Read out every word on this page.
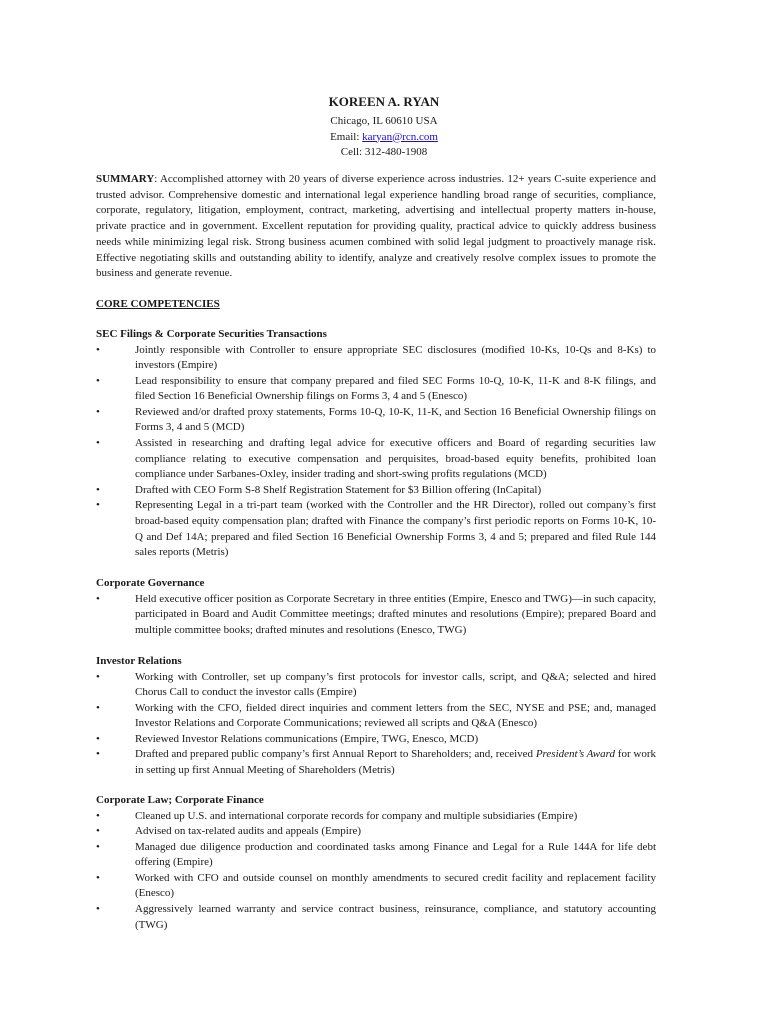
KOREEN A. RYAN
Chicago, IL 60610 USA
Email: karyan@rcn.com
Cell: 312-480-1908

SUMMARY: Accomplished attorney with 20 years of diverse experience across industries. 12+ years C-suite experience and trusted advisor. Comprehensive domestic and international legal experience handling broad range of securities, compliance, corporate, regulatory, litigation, employment, contract, marketing, advertising and intellectual property matters in-house, private practice and in government. Excellent reputation for providing quality, practical advice to quickly address business needs while minimizing legal risk. Strong business acumen combined with solid legal judgment to proactively manage risk. Effective negotiating skills and outstanding ability to identify, analyze and creatively resolve complex issues to promote the business and generate revenue.

CORE COMPETENCIES
SEC Filings & Corporate Securities Transactions
•	Jointly responsible with Controller to ensure appropriate SEC disclosures (modified 10-Ks, 10-Qs and 8-Ks) to investors (Empire)
•	Lead responsibility to ensure that company prepared and filed SEC Forms 10-Q, 10-K, 11-K and 8-K filings, and filed Section 16 Beneficial Ownership filings on Forms 3, 4 and 5 (Enesco)
•	Reviewed and/or drafted proxy statements, Forms 10-Q, 10-K, 11-K, and Section 16 Beneficial Ownership filings on Forms 3, 4 and 5 (MCD)
•	Assisted in researching and drafting legal advice for executive officers and Board of regarding securities law compliance relating to executive compensation and perquisites, broad-based equity benefits, prohibited loan compliance under Sarbanes-Oxley, insider trading and short-swing profits regulations (MCD)
•	Drafted with CEO Form S-8 Shelf Registration Statement for $3 Billion offering (InCapital)
•	Representing Legal in a tri-part team (worked with the Controller and the HR Director), rolled out company’s first broad-based equity compensation plan; drafted with Finance the company’s first periodic reports on Forms 10-K, 10-Q and Def 14A; prepared and filed Section 16 Beneficial Ownership Forms 3, 4 and 5; prepared and filed Rule 144 sales reports (Metris)
Corporate Governance
•	Held executive officer position as Corporate Secretary in three entities (Empire, Enesco and TWG)—in such capacity, participated in Board and Audit Committee meetings; drafted minutes and resolutions (Empire); prepared Board and multiple committee books; drafted minutes and resolutions (Enesco, TWG)
Investor Relations
•	Working with Controller, set up company’s first protocols for investor calls, script, and Q&A; selected and hired Chorus Call to conduct the investor calls (Empire)
•	Working with the CFO, fielded direct inquiries and comment letters from the SEC, NYSE and PSE; and, managed Investor Relations and Corporate Communications; reviewed all scripts and Q&A (Enesco)
•	Reviewed Investor Relations communications (Empire, TWG, Enesco, MCD)
•	Drafted and prepared public company’s first Annual Report to Shareholders; and, received President’s Award for work in setting up first Annual Meeting of Shareholders (Metris)
Corporate Law; Corporate Finance
•	Cleaned up U.S. and international corporate records for company and multiple subsidiaries (Empire)
•	Advised on tax-related audits and appeals (Empire)
•	Managed due diligence production and coordinated tasks among Finance and Legal for a Rule 144A for life debt offering (Empire)
•	Worked with CFO and outside counsel on monthly amendments to secured credit facility and replacement facility (Enesco)
•	Aggressively learned warranty and service contract business, reinsurance, compliance, and statutory accounting (TWG)
